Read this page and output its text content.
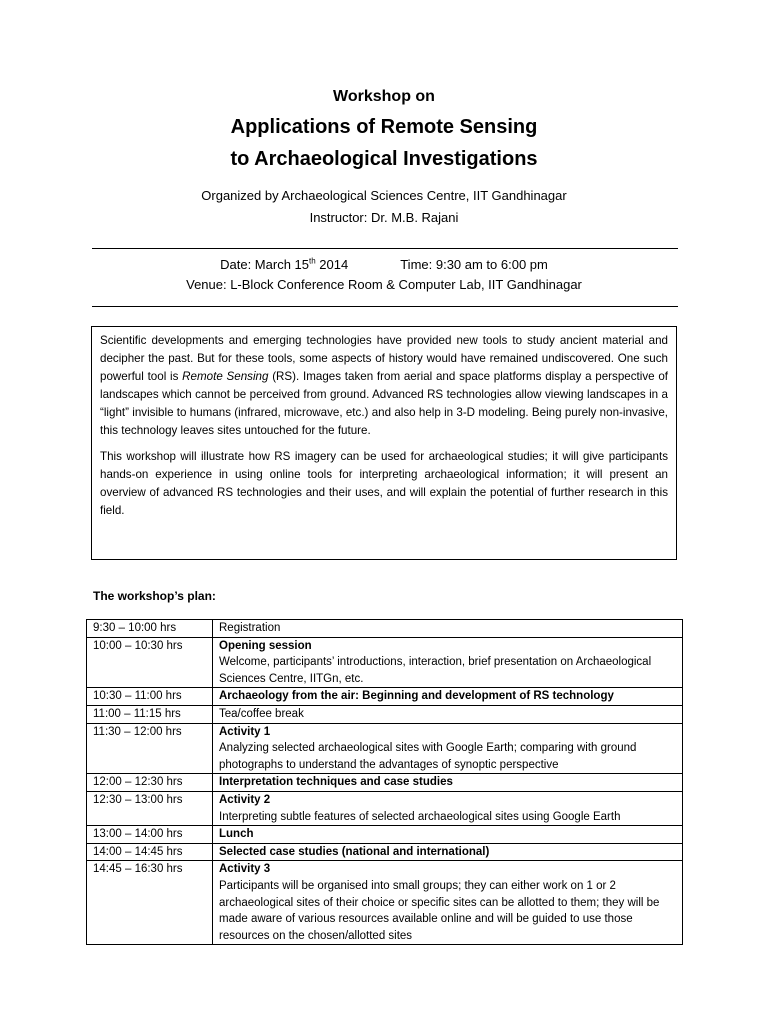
Workshop on
Applications of Remote Sensing
to Archaeological Investigations
Organized by Archaeological Sciences Centre, IIT Gandhinagar
Instructor: Dr. M.B. Rajani
Date: March 15th 2014	Time: 9:30 am to 6:00 pm
Venue: L-Block Conference Room & Computer Lab, IIT Gandhinagar

Scientific developments and emerging technologies have provided new tools to study ancient material and decipher the past. But for these tools, some aspects of history would have remained undiscovered. One such powerful tool is Remote Sensing (RS). Images taken from aerial and space platforms display a perspective of landscapes which cannot be perceived from ground. Advanced RS technologies allow viewing landscapes in a “light” invisible to humans (infrared, microwave, etc.) and also help in 3-D modeling. Being purely non-invasive, this technology leaves sites untouched for the future.

This workshop will illustrate how RS imagery can be used for archaeological studies; it will give participants hands-on experience in using online tools for interpreting archaeological information; it will present an overview of advanced RS technologies and their uses, and will explain the potential of further research in this field.

The workshop’s plan:
9:30 – 10:00 hrs	Registration

10:00 – 10:30 hrs	Opening session
Welcome, participants’ introductions, interaction, brief presentation on Archaeological Sciences Centre, IITGn, etc.

10:30 – 11:00 hrs	Archaeology from the air: Beginning and development of RS technology

11:00 – 11:15 hrs	Tea/coffee break

11:30 – 12:00 hrs	Activity 1
Analyzing selected archaeological sites with Google Earth; comparing with ground photographs to understand the advantages of synoptic perspective

12:00 – 12:30 hrs	Interpretation techniques and case studies

12:30 – 13:00 hrs	Activity 2
Interpreting subtle features of selected archaeological sites using Google Earth

13:00 – 14:00 hrs	Lunch

14:00 – 14:45 hrs	Selected case studies (national and international)

14:45 – 16:30 hrs	Activity 3
Participants will be organised into small groups; they can either work on 1 or 2 archaeological sites of their choice or specific sites can be allotted to them; they will be made aware of various resources available online and will be guided to use those resources on the chosen/allotted sites
